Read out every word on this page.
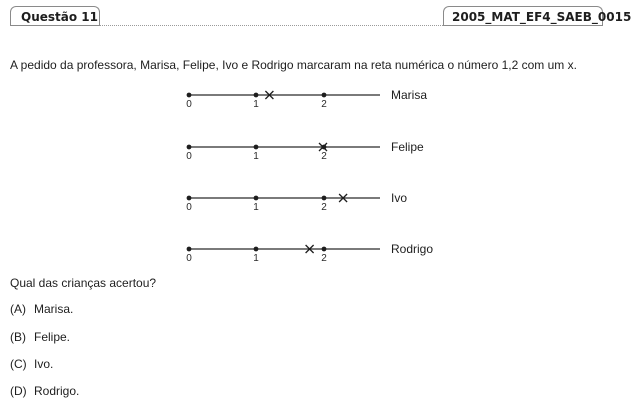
Questão 11	2005_MAT_EF4_SAEB_0015
A pedido da professora, Marisa, Felipe, Ivo e Rodrigo marcaram na reta numérica o número 1,2 com um x.
0	1	2
Marisa
0	1	2
Felipe
0	1	2
Ivo
0	1	2
Rodrigo
Qual das crianças acertou?
(A) Marisa.
(B) Felipe.
(C) Ivo.
(D) Rodrigo.
